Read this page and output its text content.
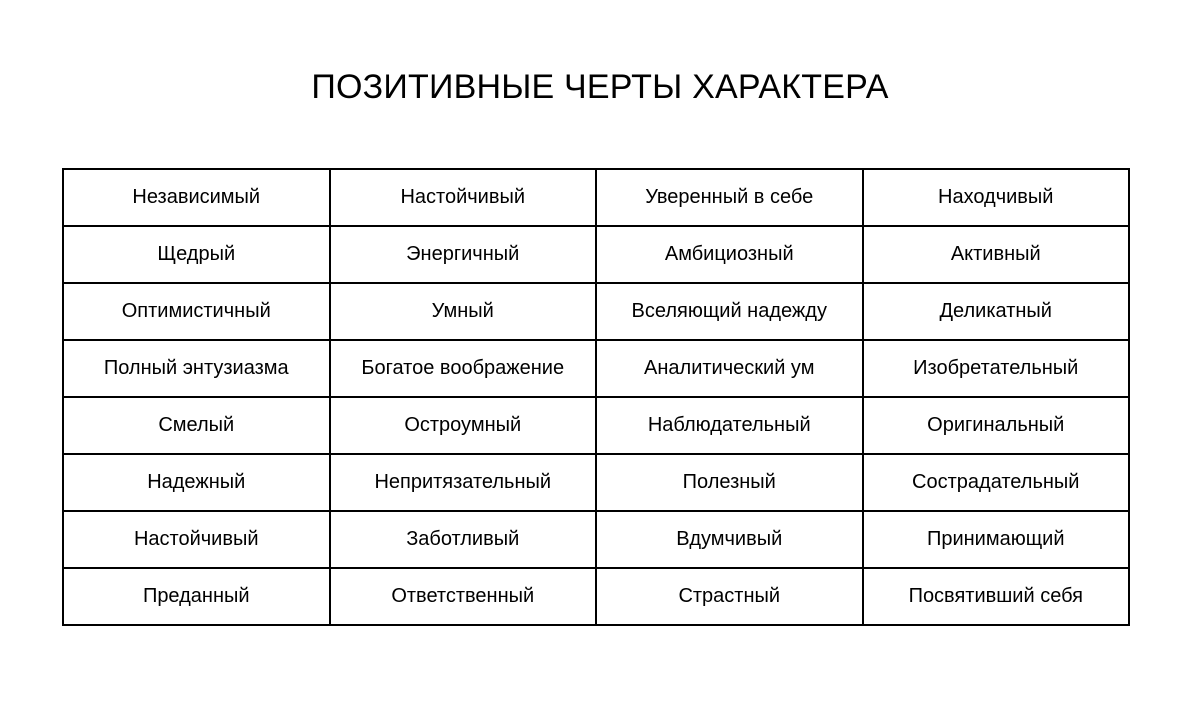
ПОЗИТИВНЫЕ ЧЕРТЫ ХАРАКТЕРА
Независимый	Настойчивый	Уверенный в себе	Находчивый
Щедрый	Энергичный	Амбициозный	Активный
Оптимистичный	Умный	Вселяющий надежду	Деликатный
Полный энтузиазма	Богатое воображение	Аналитический ум	Изобретательный
Смелый	Остроумный	Наблюдательный	Оригинальный
Надежный	Непритязательный	Полезный	Сострадательный
Настойчивый	Заботливый	Вдумчивый	Принимающий
Преданный	Ответственный	Страстный	Посвятивший себя
